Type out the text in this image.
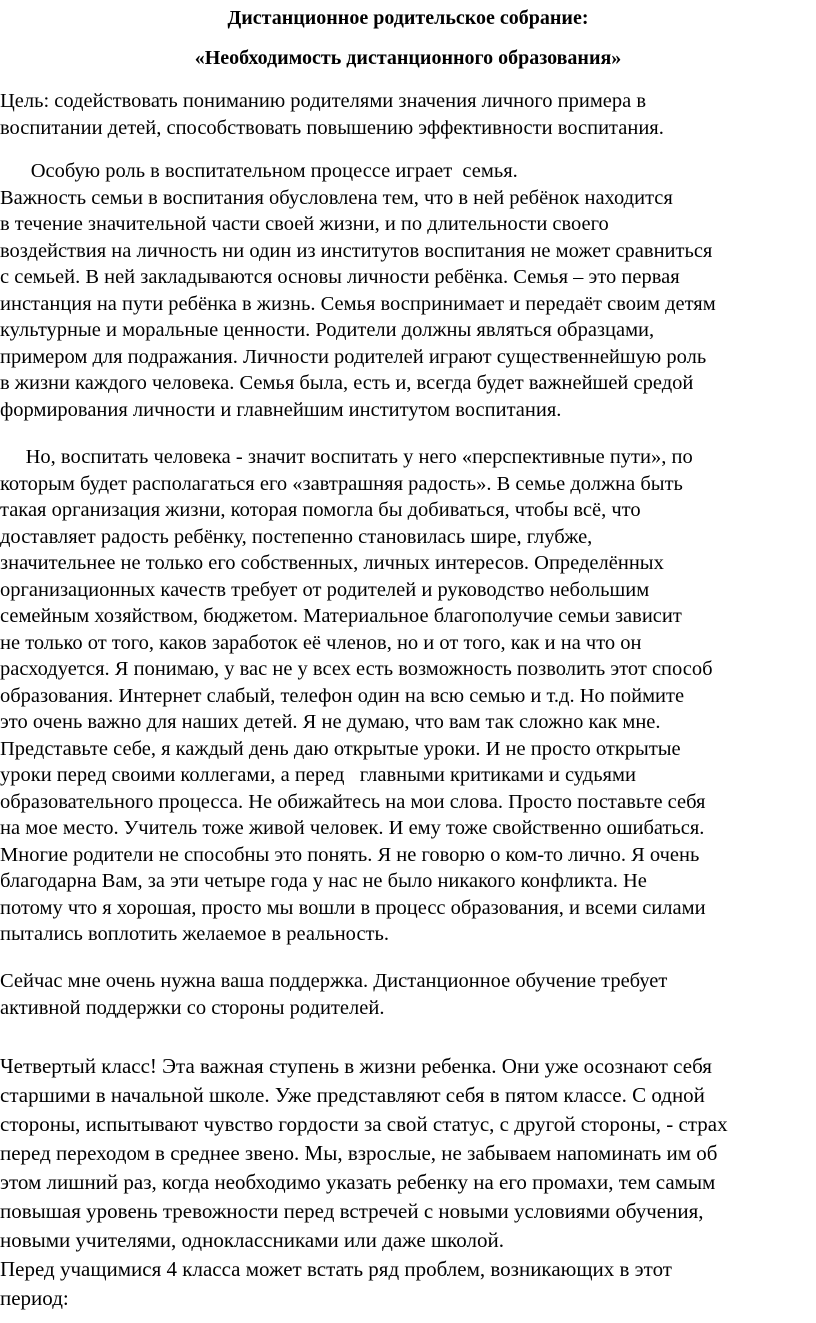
Дистанционное родительское собрание:

«Необходимость дистанционного образования»

Цель: содействовать пониманию родителями значения личного примера в
воспитании детей, способствовать повышению эффективности воспитания.
Особую роль в воспитательном процессе играет  семья.
Важность семьи в воспитания обусловлена тем, что в ней ребёнок находится
в течение значительной части своей жизни, и по длительности своего
воздействия на личность ни один из институтов воспитания не может сравниться
с семьей. В ней закладываются основы личности ребёнка. Семья – это первая
инстанция на пути ребёнка в жизнь. Семья воспринимает и передаёт своим детям
культурные и моральные ценности. Родители должны являться образцами,
примером для подражания. Личности родителей играют существеннейшую роль
в жизни каждого человека. Семья была, есть и, всегда будет важнейшей средой
формирования личности и главнейшим институтом воспитания.
Но, воспитать человека - значит воспитать у него «перспективные пути», по
которым будет располагаться его «завтрашняя радость». В семье должна быть
такая организация жизни, которая помогла бы добиваться, чтобы всё, что
доставляет радость ребёнку, постепенно становилась шире, глубже,
значительнее не только его собственных, личных интересов. Определённых
организационных качеств требует от родителей и руководство небольшим
семейным хозяйством, бюджетом. Материальное благополучие семьи зависит
не только от того, каков заработок её членов, но и от того, как и на что он
расходуется. Я понимаю, у вас не у всех есть возможность позволить этот способ
образования. Интернет слабый, телефон один на всю семью и т.д. Но поймите
это очень важно для наших детей. Я не думаю, что вам так сложно как мне.
Представьте себе, я каждый день даю открытые уроки. И не просто открытые
уроки перед своими коллегами, а перед   главными критиками и судьями
образовательного процесса. Не обижайтесь на мои слова. Просто поставьте себя
на мое место. Учитель тоже живой человек. И ему тоже свойственно ошибаться.
Многие родители не способны это понять. Я не говорю о ком-то лично. Я очень
благодарна Вам, за эти четыре года у нас не было никакого конфликта. Не
потому что я хорошая, просто мы вошли в процесс образования, и всеми силами
пытались воплотить желаемое в реальность.
Сейчас мне очень нужна ваша поддержка. Дистанционное обучение требует
активной поддержки со стороны родителей.
Четвертый класс! Эта важная ступень в жизни ребенка. Они уже осознают себя
старшими в начальной школе. Уже представляют себя в пятом классе. С одной
стороны, испытывают чувство гордости за свой статус, с другой стороны, - страх
перед переходом в среднее звено. Мы, взрослые, не забываем напоминать им об
этом лишний раз, когда необходимо указать ребенку на его промахи, тем самым
повышая уровень тревожности перед встречей с новыми условиями обучения,
новыми учителями, одноклассниками или даже школой.
Перед учащимися 4 класса может встать ряд проблем, возникающих в этот
период:
